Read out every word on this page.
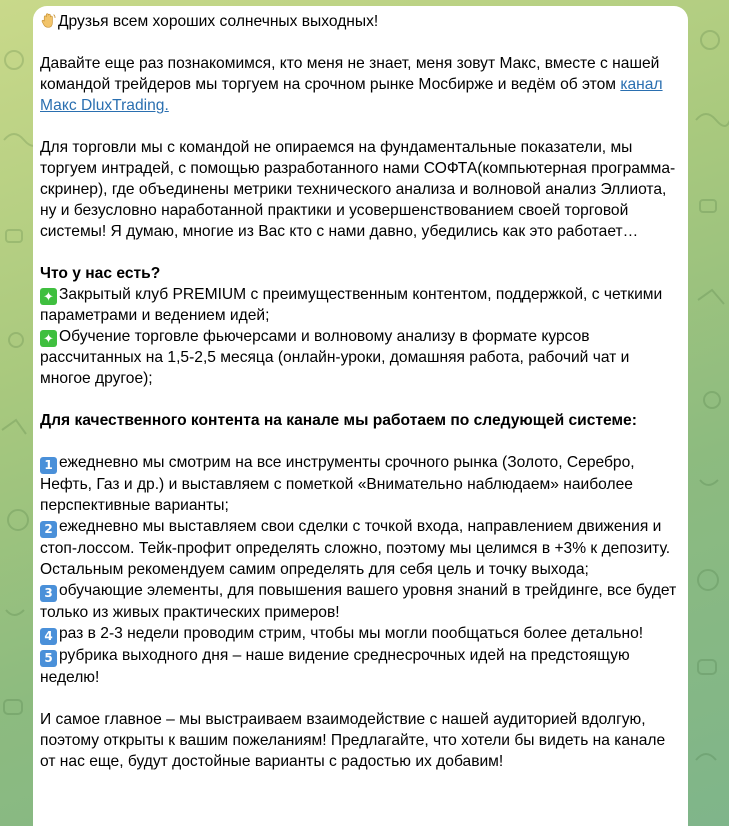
Друзья всем хороших солнечных выходных!

Давайте еще раз познакомимся, кто меня не знает, меня зовут Макс, вместе с нашей командой трейдеров мы торгуем на срочном рынке Мосбирже и ведём об этом канал Макс DluxTrading.

Для торговли мы с командой не опираемся на фундаментальные показатели, мы торгуем интрадей, с помощью разработанного нами СОФТА(компьютерная программа-скринер), где объединены метрики технического анализа и волновой анализ Эллиота, ну и безусловно наработанной практики и усовершенствованием своей торговой системы! Я думаю, многие из Вас кто с нами давно, убедились как это работает…

Что у нас есть?

✦ Закрытый клуб PREMIUM с преимущественным контентом, поддержкой, с четкими параметрами и ведением идей;

✦ Обучение торговле фьючерсами и волновому анализу в формате курсов рассчитанных на 1,5-2,5 месяца (онлайн-уроки, домашняя работа, рабочий чат и многое другое);

Для качественного контента на канале мы работаем по следующей системе:

1 ежедневно мы смотрим на все инструменты срочного рынка (Золото, Серебро, Нефть, Газ и др.) и выставляем с пометкой «Внимательно наблюдаем» наиболее перспективные варианты;

2 ежедневно мы выставляем свои сделки с точкой входа, направлением движения и стоп-лоссом. Тейк-профит определять сложно, поэтому мы целимся в +3% к депозиту. Остальным рекомендуем самим определять для себя цель и точку выхода;

3 обучающие элементы, для повышения вашего уровня знаний в трейдинге, все будет только из живых практических примеров!

4 раз в 2-3 недели проводим стрим, чтобы мы могли пообщаться более детально!

5 рубрика выходного дня – наше видение среднесрочных идей на предстоящую неделю!

И самое главное – мы выстраиваем взаимодействие с нашей аудиторией вдолгую, поэтому открыты к вашим пожеланиям! Предлагайте, что хотели бы видеть на канале от нас еще, будут достойные варианты с радостью их добавим!
